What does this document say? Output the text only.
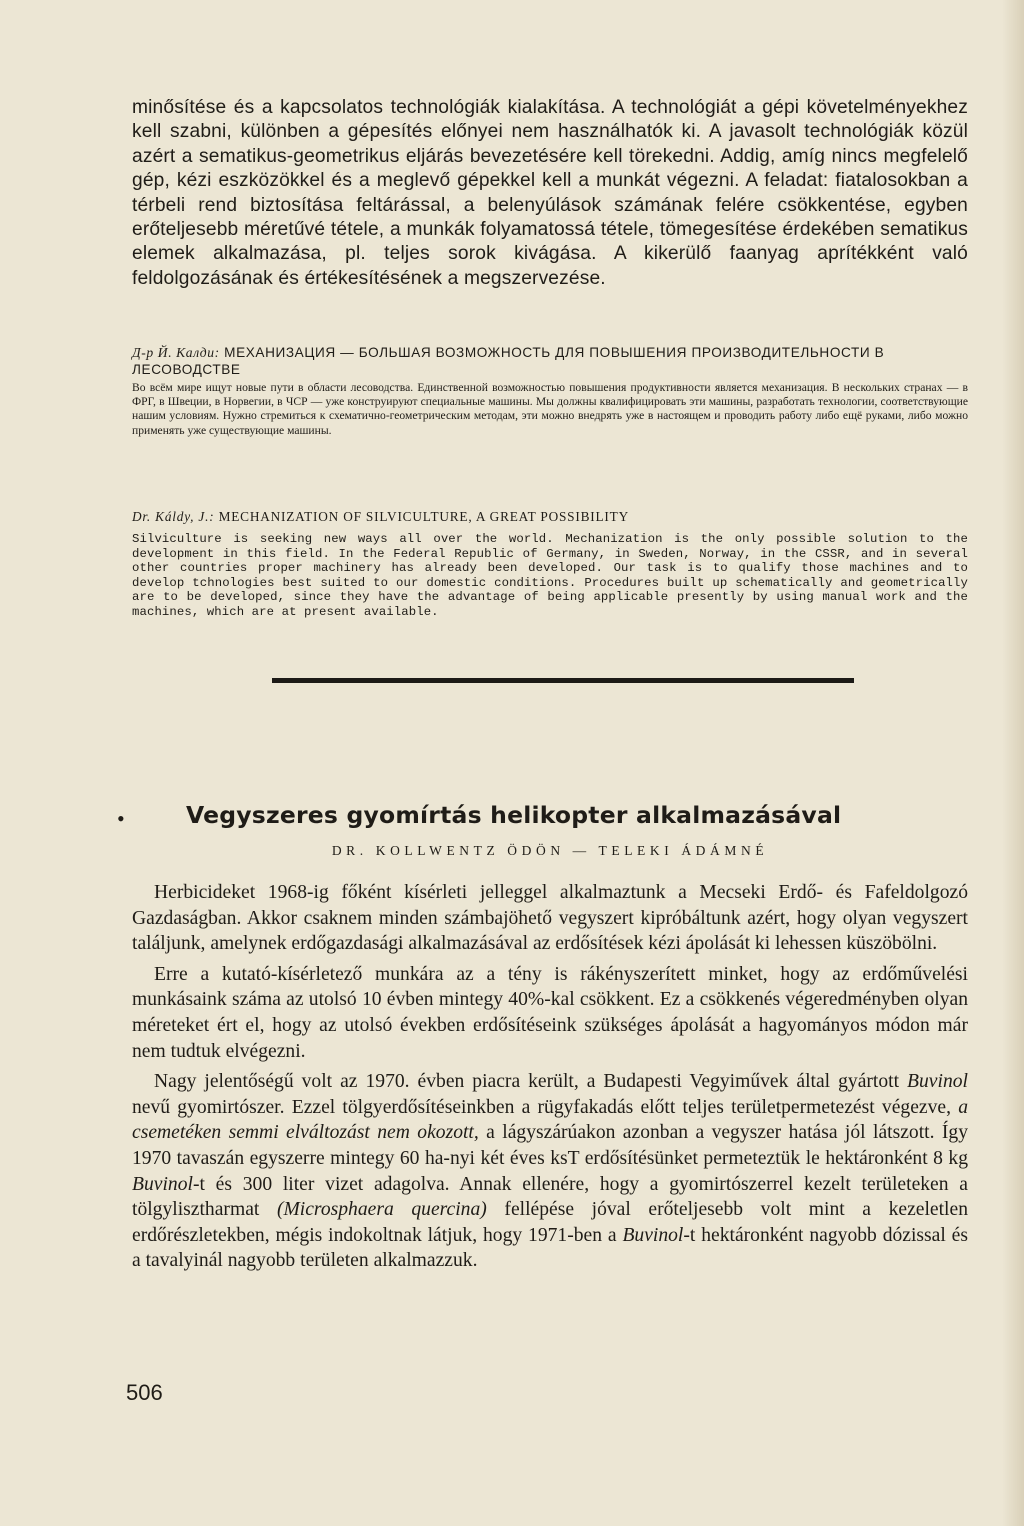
minősítése és a kapcsolatos technológiák kialakítása. A technológiát a gépi követelményekhez kell szabni, különben a gépesítés előnyei nem használhatók ki. A javasolt technológiák közül azért a sematikus-geometrikus eljárás bevezetésére kell törekedni. Addig, amíg nincs megfelelő gép, kézi eszközökkel és a meglevő gépekkel kell a munkát végezni. A feladat: fiatalosokban a térbeli rend biztosítása feltárással, a belenyúlások számának felére csökkentése, egyben erőteljesebb méretűvé tétele, a munkák folyamatossá tétele, tömegesítése érdekében sematikus elemek alkalmazása, pl. teljes sorok kivágása. A kikerülő faanyag aprítékként való feldolgozásának és értékesítésének a megszervezése.

Д-р Й. Калди: МЕХАНИЗАЦИЯ — БОЛЬШАЯ ВОЗМОЖНОСТЬ ДЛЯ ПОВЫШЕНИЯ ПРОИЗВОДИТЕЛЬНОСТИ В ЛЕСОВОДСТВЕ

Во всём мире ищут новые пути в области лесоводства. Единственной возможностью повышения продуктивности является механизация. В нескольких странах — в ФРГ, в Швеции, в Норвегии, в ЧСР — уже конструируют специальные машины. Мы должны квалифицировать эти машины, разработать технологии, соответствующие нашим условиям. Нужно стремиться к схематично-геометрическим методам, эти можно внедрять уже в настоящем и проводить работу либо ещё руками, либо можно применять уже существующие машины.

Dr. Káldy, J.: MECHANIZATION OF SILVICULTURE, A GREAT POSSIBILITY

Silviculture is seeking new ways all over the world. Mechanization is the only possible solution to the development in this field. In the Federal Republic of Germany, in Sweden, Norway, in the CSSR, and in several other countries proper machinery has already been developed. Our task is to qualify those machines and to develop tchnologies best suited to our domestic conditions. Procedures built up schematically and geometrically are to be developed, since they have the advantage of being applicable presently by using manual work and the machines, which are at present available.

•	Vegyszeres gyomírtás helikopter alkalmazásával
DR. KOLLWENTZ ÖDÖN — TELEKI ÁDÁMNÉ

Herbicideket 1968-ig főként kísérleti jelleggel alkalmaztunk a Mecseki Erdő- és Fafeldolgozó Gazdaságban. Akkor csaknem minden számbajöhető vegyszert kipróbáltunk azért, hogy olyan vegyszert találjunk, amelynek erdőgazdasági alkalmazásával az erdősítések kézi ápolását ki lehessen küszöbölni.

Erre a kutató-kísérletező munkára az a tény is rákényszerített minket, hogy az erdőművelési munkásaink száma az utolsó 10 évben mintegy 40%-kal csökkent. Ez a csökkenés végeredményben olyan méreteket ért el, hogy az utolsó években erdősítéseink szükséges ápolását a hagyományos módon már nem tudtuk elvégezni.

Nagy jelentőségű volt az 1970. évben piacra került, a Budapesti Vegyiművek által gyártott Buvinol nevű gyomirtószer. Ezzel tölgyerdősítéseinkben a rügyfakadás előtt teljes területpermetezést végezve, a csemetéken semmi elváltozást nem okozott, a lágyszárúakon azonban a vegyszer hatása jól látszott. Így 1970 tavaszán egyszerre mintegy 60 ha-nyi két éves ksT erdősítésünket permeteztük le hektáronként 8 kg Buvinol-t és 300 liter vizet adagolva. Annak ellenére, hogy a gyomirtószerrel kezelt területeken a tölgylisztharmat (Microsphaera quercina) fellépése jóval erőteljesebb volt mint a kezeletlen erdőrészletekben, mégis indokoltnak látjuk, hogy 1971-ben a Buvinol-t hektáronként nagyobb dózissal és a tavalyinál nagyobb területen alkalmazzuk.

506
